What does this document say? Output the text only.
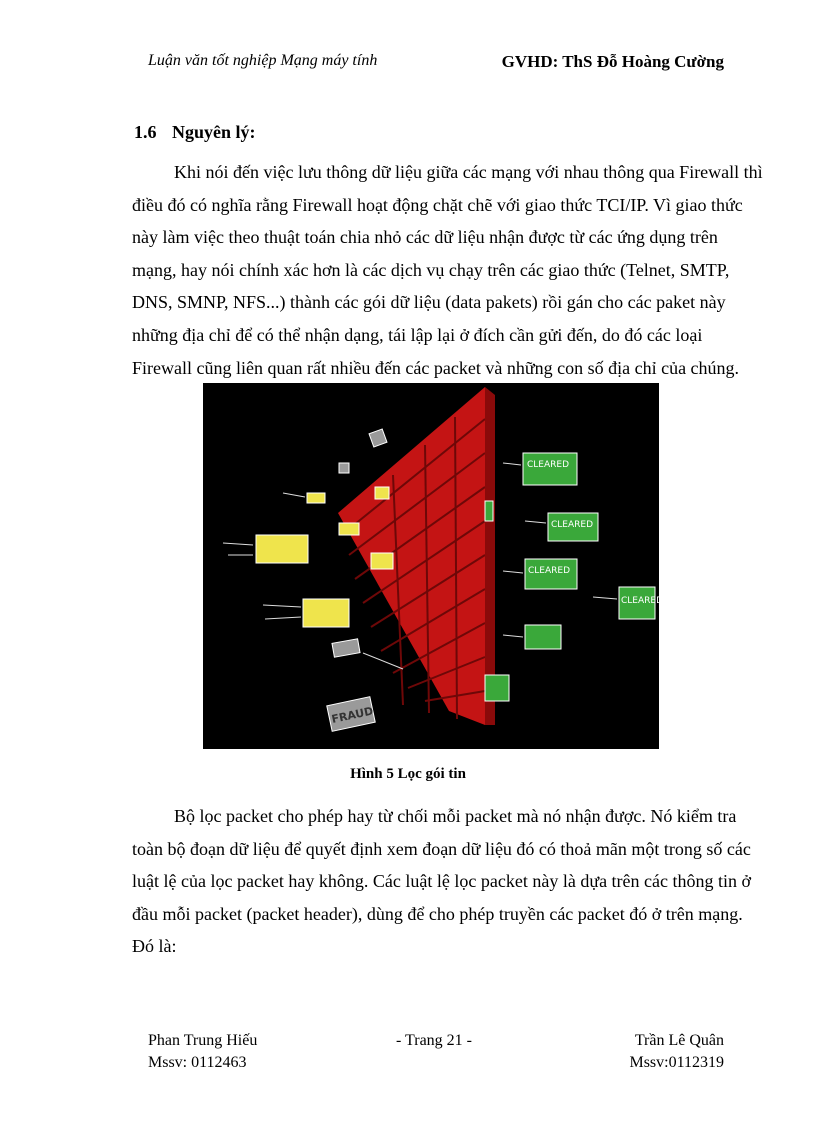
Luận văn tốt nghiệp Mạng máy tính	GVHD: ThS Đỗ Hoàng Cường
1.6 Nguyên lý:
Khi nói đến việc lưu thông dữ liệu giữa các mạng với nhau thông qua Firewall thì
điều đó có nghĩa rằng Firewall hoạt động chặt chẽ với giao thức TCI/IP. Vì giao thức
này làm việc theo thuật toán chia nhỏ các dữ liệu nhận được từ các ứng dụng trên
mạng, hay nói chính xác hơn là các dịch vụ chạy trên các giao thức (Telnet, SMTP,
DNS, SMNP, NFS...) thành các gói dữ liệu (data pakets) rồi gán cho các paket này
những địa chỉ để có thể nhận dạng, tái lập lại ở đích cần gửi đến, do đó các loại
Firewall cũng liên quan rất nhiều đến các packet và những con số địa chỉ của chúng.
CLEARED
CLEARED
CLEARED
CLEARED
FRAUD
Hình 5 Lọc gói tin
Bộ lọc packet cho phép hay từ chối mỗi packet mà nó nhận được. Nó kiểm tra
toàn bộ đoạn dữ liệu để quyết định xem đoạn dữ liệu đó có thoả mãn một trong số các
luật lệ của lọc packet hay không. Các luật lệ lọc packet này là dựa trên các thông tin ở
đầu mỗi packet (packet header), dùng để cho phép truyền các packet đó ở trên mạng.
Đó là:
Phan Trung Hiếu
Mssv: 0112463
- Trang 21 -	Trần Lê Quân
Mssv:0112319
